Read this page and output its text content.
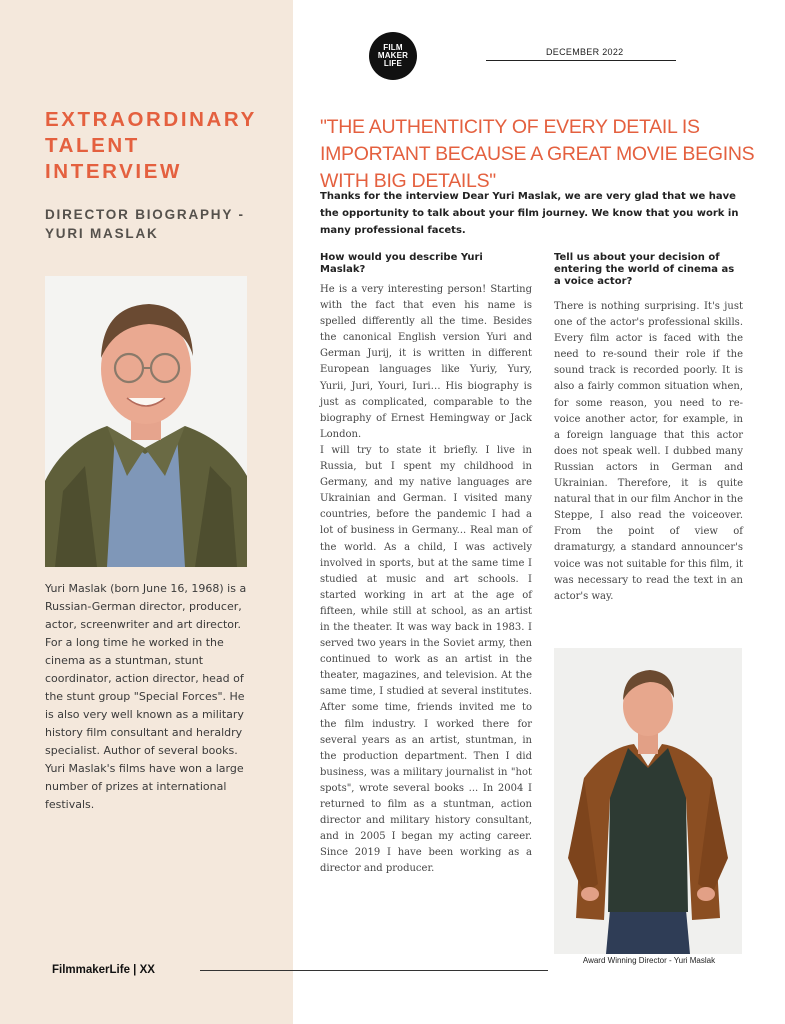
FILM
MAKER
LIFE
DECEMBER 2022
EXTRAORDINARY TALENT INTERVIEW
DIRECTOR BIOGRAPHY - YURI MASLAK

Yuri Maslak (born June 16, 1968) is a Russian-German director, producer, actor, screenwriter and art director.

For a long time he worked in the cinema as a stuntman, stunt coordinator, action director, head of the stunt group "Special Forces". He is also very well known as a military history film consultant and heraldry specialist. Author of several books.

Yuri Maslak's films have won a large number of prizes at international festivals.

FilmmakerLife | XX
"THE AUTHENTICITY OF EVERY DETAIL IS IMPORTANT BECAUSE A GREAT MOVIE BEGINS WITH BIG DETAILS"
Thanks for the interview Dear Yuri Maslak, we are very glad that we have the opportunity to talk about your film journey. We know that you work in many professional facets.
How would you describe Yuri Maslak?

He is a very interesting person! Starting with the fact that even his name is spelled differently all the time. Besides the canonical English version Yuri and German Jurij, it is written in different European languages like Yuriy, Yury, Yurii, Juri, Youri, Iuri… His biography is just as complicated, comparable to the biography of Ernest Hemingway or Jack London.

I will try to state it briefly. I live in Russia, but I spent my childhood in Germany, and my native languages are Ukrainian and German. I visited many countries, before the pandemic I had a lot of business in Germany... Real man of the world. As a child, I was actively involved in sports, but at the same time I studied at music and art schools. I started working in art at the age of fifteen, while still at school, as an artist in the theater. It was way back in 1983. I served two years in the Soviet army, then continued to work as an artist in the theater, magazines, and television. At the same time, I studied at several institutes. After some time, friends invited me to the film industry. I worked there for several years as an artist, stuntman, in the production department. Then I did business, was a military journalist in "hot spots", wrote several books ... In 2004 I returned to film as a stuntman, action director and military history consultant, and in 2005 I began my acting career. Since 2019 I have been working as a director and producer.

Tell us about your decision of entering the world of cinema as a voice actor?

There is nothing surprising. It's just one of the actor's professional skills. Every film actor is faced with the need to re-sound their role if the sound track is recorded poorly. It is also a fairly common situation when, for some reason, you need to re-voice another actor, for example, in a foreign language that this actor does not speak well. I dubbed many Russian actors in German and Ukrainian. Therefore, it is quite natural that in our film Anchor in the Steppe, I also read the voiceover. From the point of view of dramaturgy, a standard announcer's voice was not suitable for this film, it was necessary to read the text in an actor's way.

Award Winning Director - Yuri Maslak
